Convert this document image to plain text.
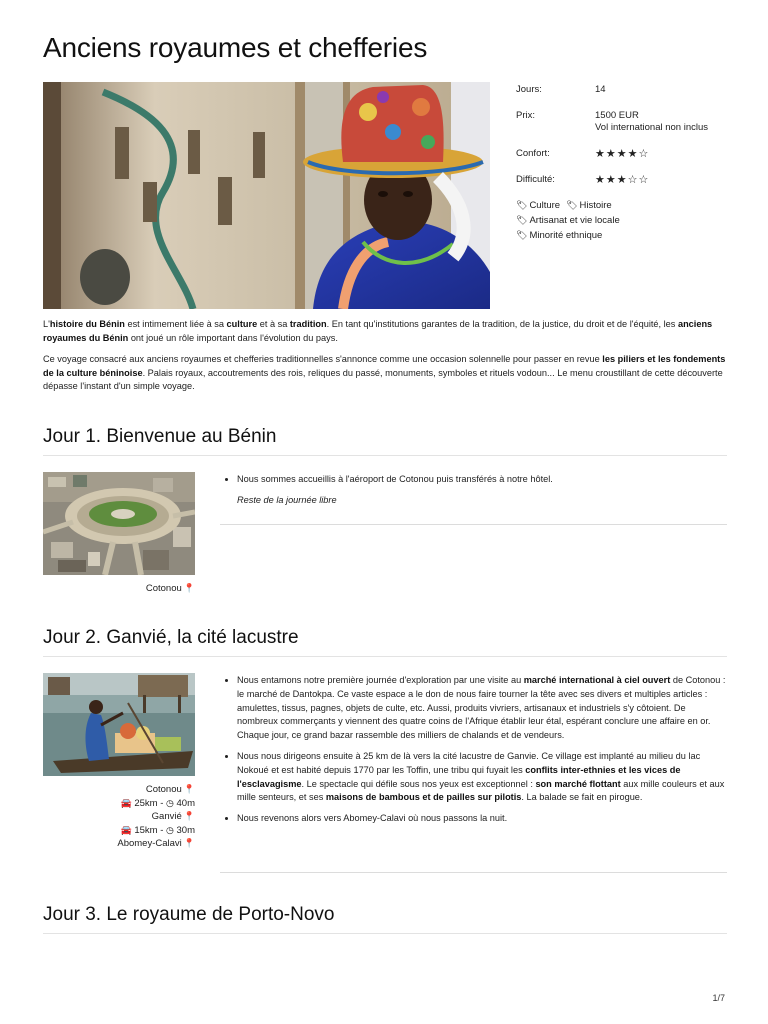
Anciens royaumes et chefferies
Jours:	14
Prix:	1500 EUR
Vol international non inclus
Confort:	★★★★☆
Difficulté:	★★★☆☆
🏷 Culture 🏷 Histoire
🏷 Artisanat et vie locale
🏷 Minorité ethnique

L'histoire du Bénin est intimement liée à sa culture et à sa tradition. En tant qu'institutions garantes de la tradition, de la justice, du droit et de l'équité, les anciens royaumes du Bénin ont joué un rôle important dans l'évolution du pays.

Ce voyage consacré aux anciens royaumes et chefferies traditionnelles s'annonce comme une occasion solennelle pour passer en revue les piliers et les fondements de la culture béninoise. Palais royaux, accoutrements des rois, reliques du passé, monuments, symboles et rituels vodoun... Le menu croustillant de cette découverte dépasse l'instant d'un simple voyage.

Jour 1. Bienvenue au Bénin
Cotonou 📍
• Nous sommes accueillis à l'aéroport de Cotonou puis transférés à notre hôtel.
Reste de la journée libre
Jour 2. Ganvié, la cité lacustre
Cotonou 📍
🚘 25km - ◷ 40m
Ganvié 📍
🚘 15km - ◷ 30m
Abomey-Calavi 📍
• Nous entamons notre première journée d'exploration par une visite au marché international à ciel ouvert de Cotonou : le marché de Dantokpa. Ce vaste espace a le don de nous faire tourner la tête avec ses divers et multiples articles : amulettes, tissus, pagnes, objets de culte, etc. Aussi, produits vivriers, artisanaux et industriels s'y côtoient. De nombreux commerçants y viennent des quatre coins de l'Afrique établir leur étal, espérant conclure une affaire en or. Chaque jour, ce grand bazar rassemble des milliers de chalands et de vendeurs.
• Nous nous dirigeons ensuite à 25 km de là vers la cité lacustre de Ganvie. Ce village est implanté au milieu du lac Nokoué et est habité depuis 1770 par les Toffin, une tribu qui fuyait les conflits inter-ethnies et les vices de l'esclavagisme. Le spectacle qui défile sous nos yeux est exceptionnel : son marché flottant aux mille couleurs et aux mille senteurs, et ses maisons de bambous et de pailles sur pilotis. La balade se fait en pirogue.
• Nous revenons alors vers Abomey-Calavi où nous passons la nuit.
Jour 3. Le royaume de Porto-Novo
1/7
